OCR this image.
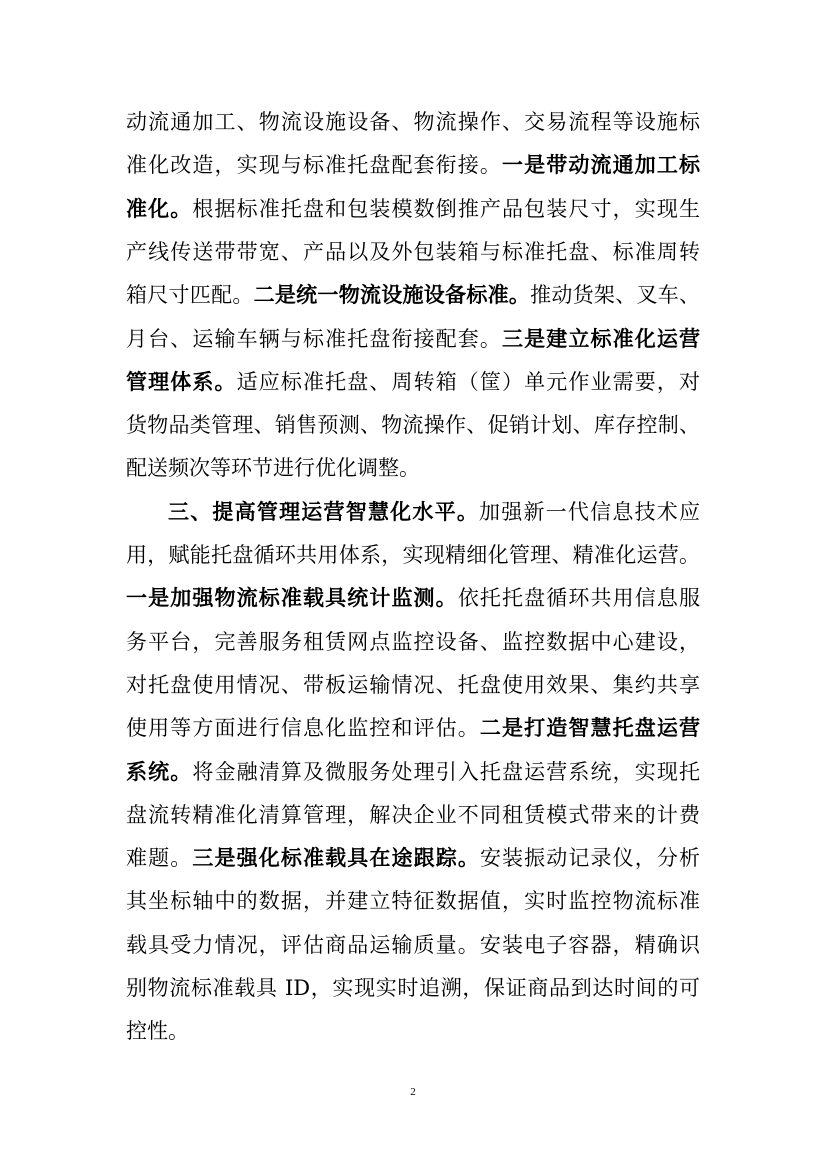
动流通加工、物流设施设备、物流操作、交易流程等设施标
准化改造，实现与标准托盘配套衔接。一是带动流通加工标
准化。根据标准托盘和包装模数倒推产品包装尺寸，实现生
产线传送带带宽、产品以及外包装箱与标准托盘、标准周转
箱尺寸匹配。二是统一物流设施设备标准。推动货架、叉车、
月台、运输车辆与标准托盘衔接配套。三是建立标准化运营
管理体系。适应标准托盘、周转箱（筐）单元作业需要，对
货物品类管理、销售预测、物流操作、促销计划、库存控制、
配送频次等环节进行优化调整。
三、提高管理运营智慧化水平。加强新一代信息技术应
用，赋能托盘循环共用体系，实现精细化管理、精准化运营。
一是加强物流标准载具统计监测。依托托盘循环共用信息服
务平台，完善服务租赁网点监控设备、监控数据中心建设，
对托盘使用情况、带板运输情况、托盘使用效果、集约共享
使用等方面进行信息化监控和评估。二是打造智慧托盘运营
系统。将金融清算及微服务处理引入托盘运营系统，实现托
盘流转精准化清算管理，解决企业不同租赁模式带来的计费
难题。三是强化标准载具在途跟踪。安装振动记录仪，分析
其坐标轴中的数据，并建立特征数据值，实时监控物流标准
载具受力情况，评估商品运输质量。安装电子容器，精确识
别物流标准载具 ID，实现实时追溯，保证商品到达时间的可
控性。
2
